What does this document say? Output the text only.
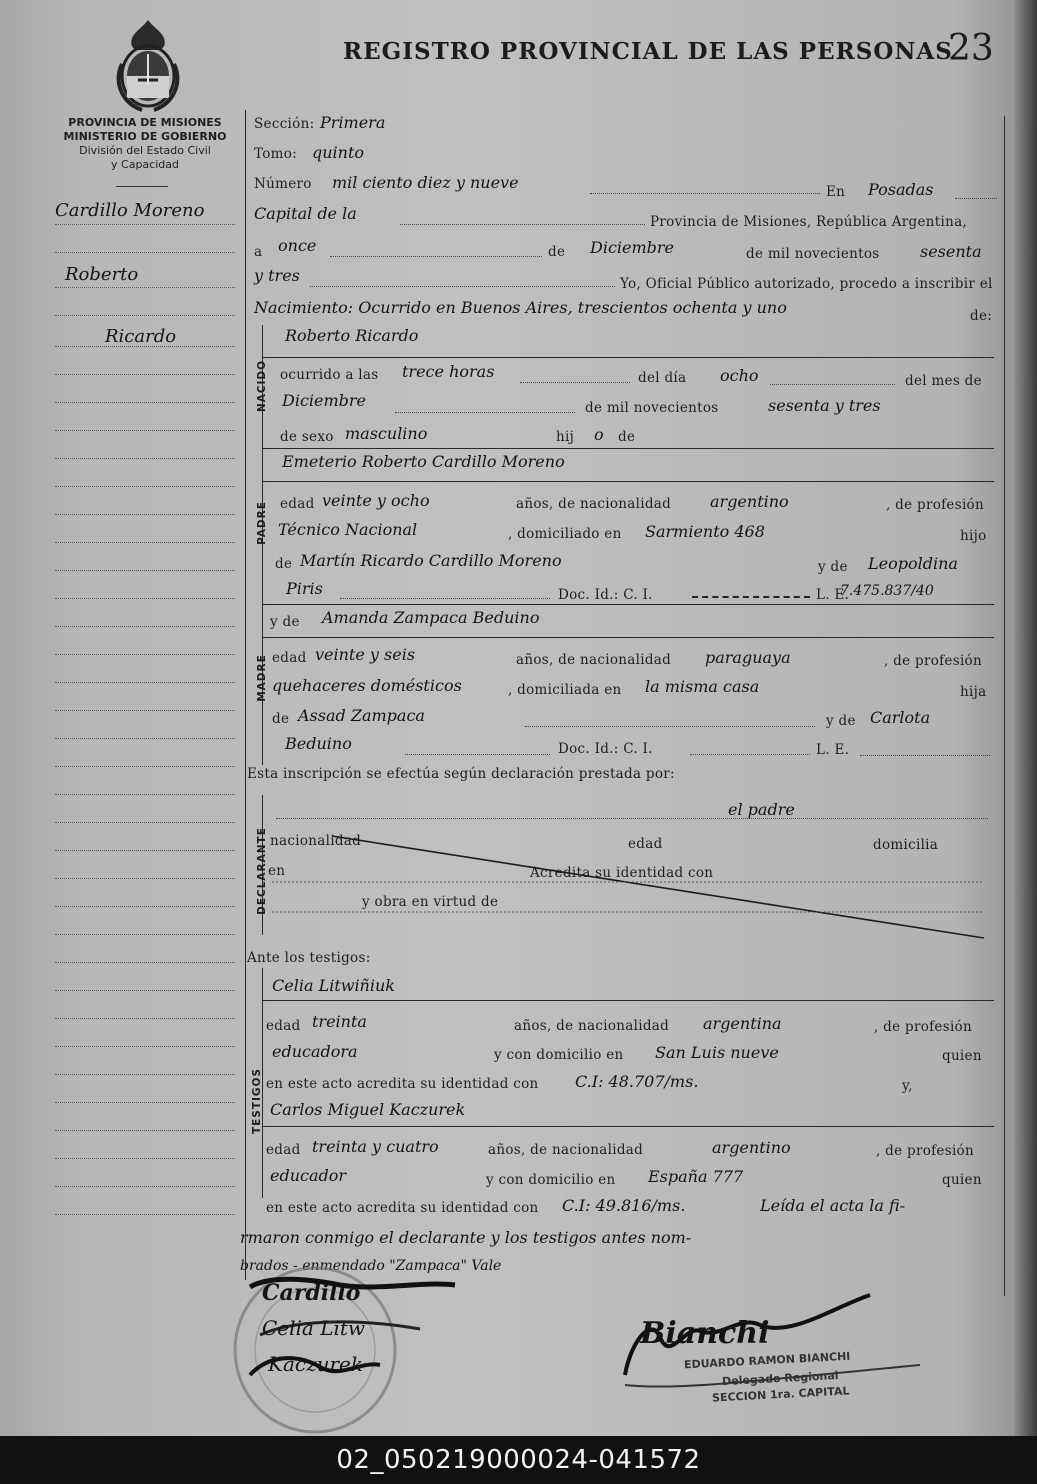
REGISTRO PROVINCIAL DE LAS PERSONAS
23
PROVINCIA DE MISIONES
MINISTERIO DE GOBIERNO
División del Estado Civil
y Capacidad
Cardillo Moreno
Roberto
Ricardo
Sección: Primera
Tomo: quinto
Número mil ciento diez y nueve	En Posadas
Capital de la	Provincia de Misiones, República Argentina,
a once	de Diciembre	de mil novecientos	sesenta
y tres	Yo, Oficial Público autorizado, procedo a inscribir el
Nacimiento: Ocurrido en Buenos Aires, trescientos ochenta y uno	de:
NACIDO
Roberto Ricardo
ocurrido a las trece horas	del día ocho	del mes de
Diciembre	de mil novecientos	sesenta y tres
de sexo masculino	hij o de
PADRE
Emeterio Roberto Cardillo Moreno
edad veinte y ocho	años, de nacionalidad argentino	, de profesión
Técnico Nacional	, domiciliado en Sarmiento 468	hijo
de Martín Ricardo Cardillo Moreno	y de Leopoldina
Piris	Doc. Id.: C. I.	L. E.
7.475.837/40
MADRE
y de Amanda Zampaca Beduino
edad veinte y seis	años, de nacionalidad paraguaya	, de profesión
quehaceres domésticos	, domiciliada en la misma casa	hija
de Assad Zampaca	y de Carlota
Beduino	Doc. Id.: C. I.	L. E.
Esta inscripción se efectúa según declaración prestada por:
DECLARANTE
el padre
nacionalidad	edad	domicilia
en	Acredita su identidad con
y obra en virtud de
Ante los testigos:
TESTIGOS
Celia Litwiñiuk
edad treinta	años, de nacionalidad argentina	, de profesión
educadora	y con domicilio en San Luis nueve	quien
en este acto acredita su identidad con C.I: 48.707/ms.	y,
Carlos Miguel Kaczurek
edad treinta y cuatro	años, de nacionalidad	argentino	, de profesión
educador	y con domicilio en España 777	quien
en este acto acredita su identidad con C.I: 49.816/ms.	Leída el acta la fi-
rmaron conmigo el declarante y los testigos antes nom-
brados - enmendado "Zampaca" Vale
Cardillo
Celia Litw
Kaczurek
Bianchi
EDUARDO RAMON BIANCHI
Delegado Regional
SECCION 1ra. CAPITAL
02_050219000024-041572
